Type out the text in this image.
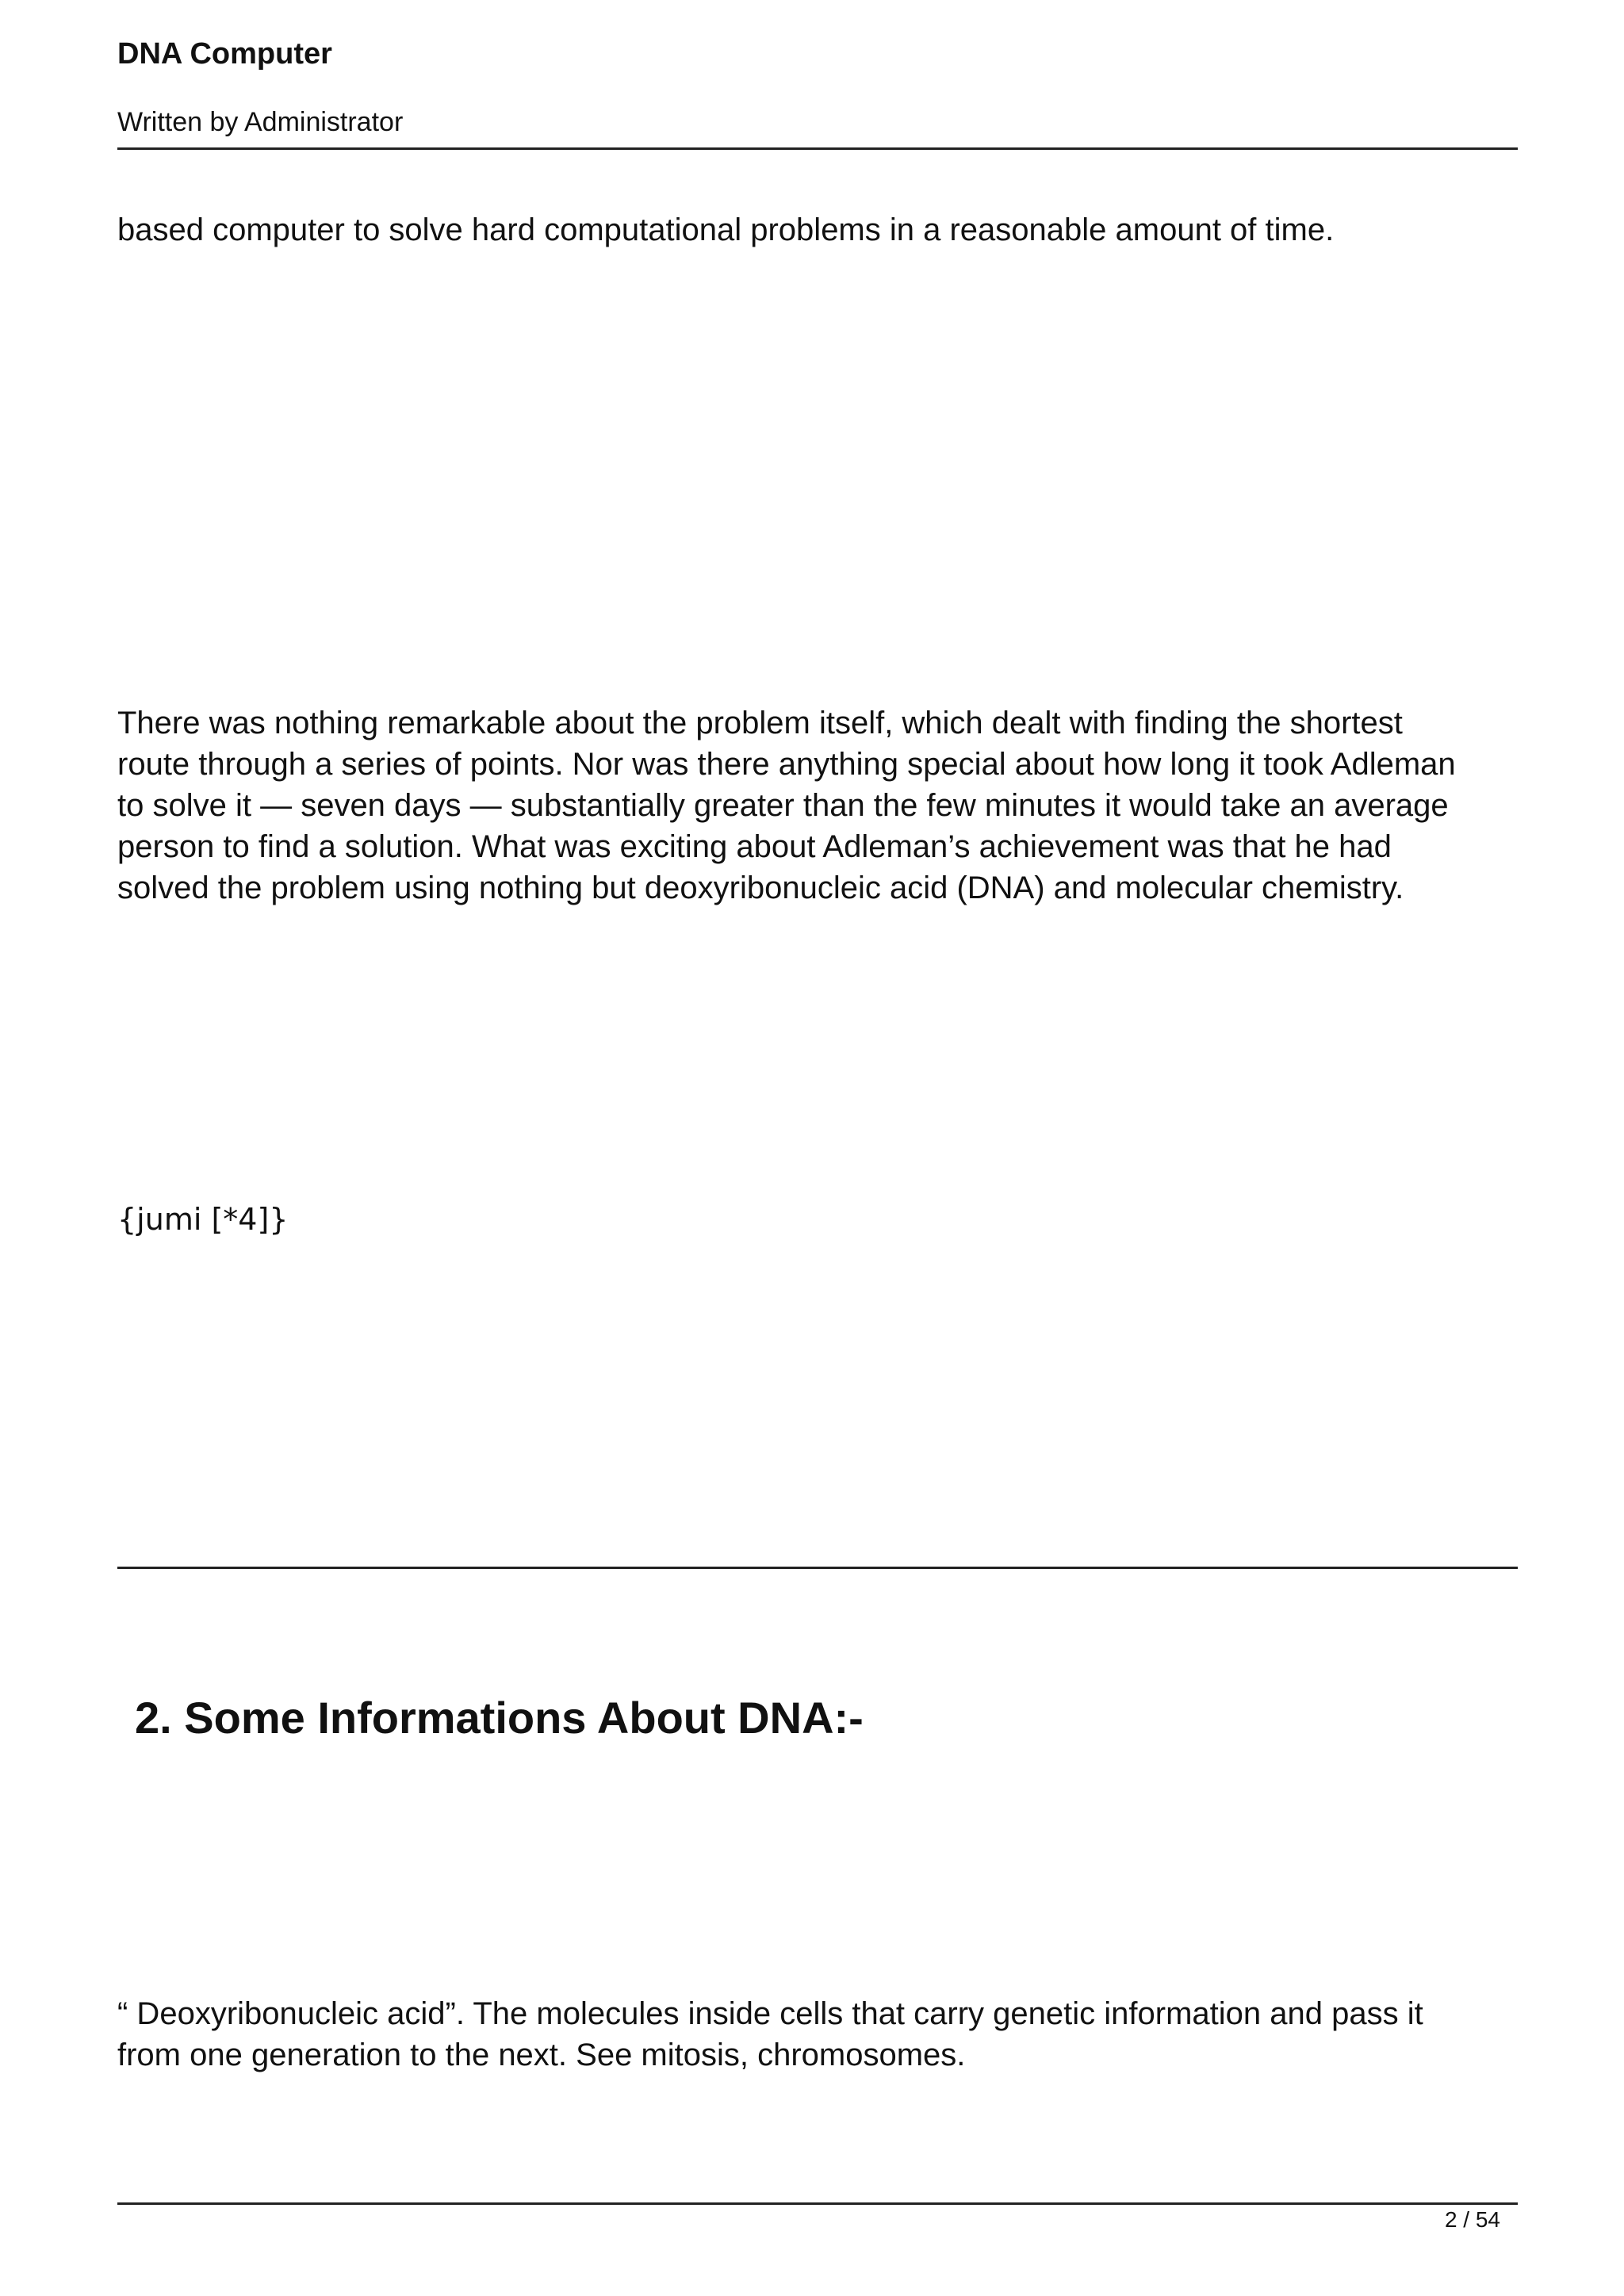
DNA Computer
Written by Administrator
based computer to solve hard computational problems in a reasonable amount of time.
There was nothing remarkable about the problem itself, which dealt with finding the shortest
route through a series of points. Nor was there anything special about how long it took Adleman
to solve it — seven days — substantially greater than the few minutes it would take an average
person to find a solution. What was exciting about Adleman’s achievement was that he had
solved the problem using nothing but deoxyribonucleic acid (DNA) and molecular chemistry.
{jumi [*4]}
2. Some Informations About DNA:-
“ Deoxyribonucleic acid”. The molecules inside cells that carry genetic information and pass it
from one generation to the next. See mitosis, chromosomes.
2 / 54
